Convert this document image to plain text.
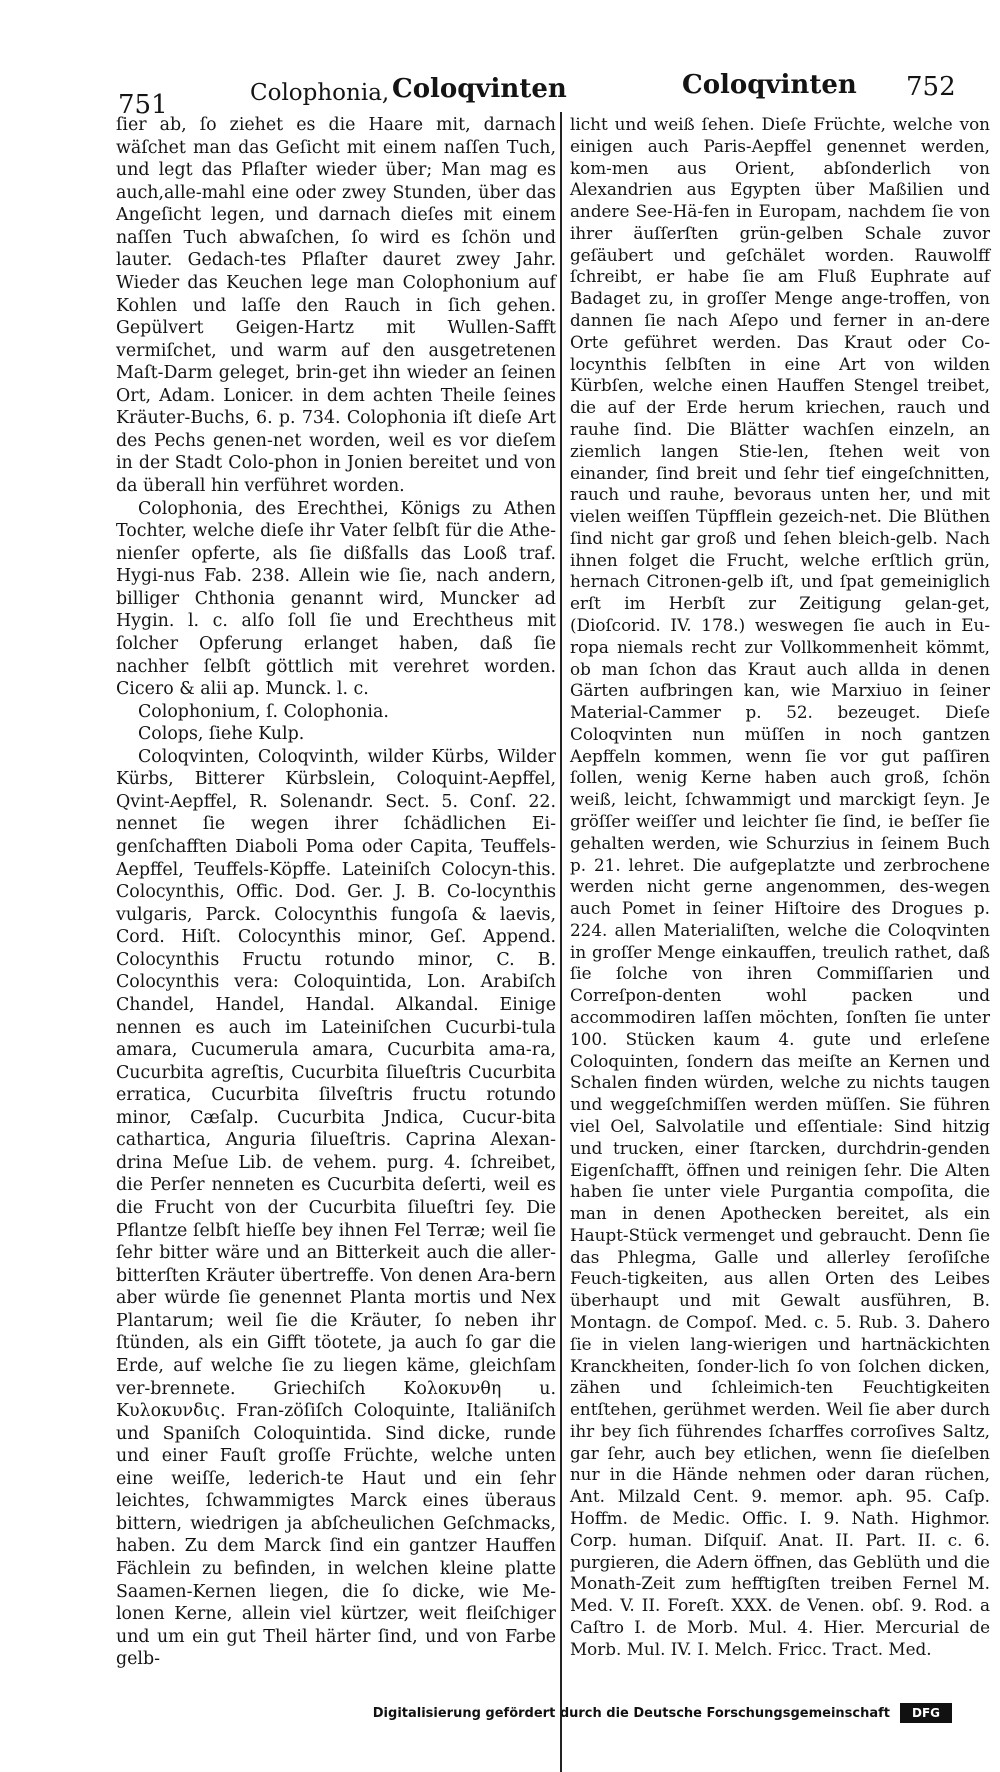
751	Colophonia, Coloqvinten	Coloqvinten 752

ſier ab, ſo ziehet es die Haare mit, darnach wäſchet man das Geſicht mit einem naſſen Tuch, und legt das Pflaſter wieder über; Man mag es auch,alle-mahl eine oder zwey Stunden, über das Angeſicht legen, und darnach dieſes mit einem naſſen Tuch abwaſchen, ſo wird es ſchön und lauter. Gedach-tes Pflaſter dauret zwey Jahr. Wieder das Keuchen lege man Colophonium auf Kohlen und laſſe den Rauch in ſich gehen. Gepülvert Geigen-Hartz mit Wullen-Safft vermiſchet, und warm auf den ausgetretenen Maſt-Darm geleget, brin-get ihn wieder an ſeinen Ort, Adam. Lonicer. in dem achten Theile ſeines Kräuter-Buchs, 6. p. 734. Colophonia iſt dieſe Art des Pechs genen-net worden, weil es vor dieſem in der Stadt Colo-phon in Jonien bereitet und von da überall hin verführet worden.

Colophonia, des Erechthei, Königs zu Athen Tochter, welche dieſe ihr Vater ſelbſt für die Athe-nienſer opferte, als ſie dißfalls das Looß traf. Hygi-nus Fab. 238. Allein wie ſie, nach andern, billiger Chthonia genannt wird, Muncker ad Hygin. l. c. alſo ſoll ſie und Erechtheus mit ſolcher Opferung erlanget haben, daß ſie nachher ſelbſt göttlich mit verehret worden. Cicero & alii ap. Munck. l. c.

Colophonium, ſ. Colophonia.

Colops, ſiehe Kulp.

Coloqvinten, Coloqvinth, wilder Kürbs, Wilder Kürbs, Bitterer Kürbslein, Coloquint-Aepffel, Qvint-Aepffel, R. Solenandr. Sect. 5. Conſ. 22. nennet ſie wegen ihrer ſchädlichen Ei-genſchafften Diaboli Poma oder Capita, Teuffels-Aepffel, Teuffels-Köpffe. Lateiniſch Colocyn-this. Colocynthis, Offic. Dod. Ger. J. B. Co-locynthis vulgaris, Parck. Colocynthis fungoſa & laevis, Cord. Hiſt. Colocynthis minor, Geſ. Append. Colocynthis Fructu rotundo minor, C. B. Colocynthis vera: Coloquintida, Lon. Arabiſch Chandel, Handel, Handal. Alkandal. Einige nennen es auch im Lateiniſchen Cucurbi-tula amara, Cucumerula amara, Cucurbita ama-ra, Cucurbita agreſtis, Cucurbita ſilueſtris Cucurbita erratica, Cucurbita ſilveſtris fructu rotundo minor, Cæſalp. Cucurbita Jndica, Cucur-bita cathartica, Anguria ſilueſtris. Caprina Alexan-drina Meſue Lib. de vehem. purg. 4. ſchreibet, die Perſer nenneten es Cucurbita deſerti, weil es die Frucht von der Cucurbita ſilueſtri ſey. Die Pflantze ſelbſt hieſſe bey ihnen Fel Terræ; weil ſie ſehr bitter wäre und an Bitterkeit auch die aller-bitterſten Kräuter übertreffe. Von denen Ara-bern aber würde ſie genennet Planta mortis und Nex Plantarum; weil ſie die Kräuter, ſo neben ihr ſtünden, als ein Gifft töotete, ja auch ſo gar die Erde, auf welche ſie zu liegen käme, gleichſam ver-brennete. Griechiſch Κολοκυνθη u. Κυλοκυνδις. Fran-zöſiſch Coloquinte, Italiäniſch und Spaniſch Coloquintida. Sind dicke, runde und einer Fauſt groſſe Früchte, welche unten eine weiſſe, lederich-te Haut und ein ſehr leichtes, ſchwammigtes Marck eines überaus bittern, wiedrigen ja abſcheulichen Geſchmacks, haben. Zu dem Marck ſind ein gantzer Hauffen Fächlein zu befinden, in welchen kleine platte Saamen-Kernen liegen, die ſo dicke, wie Me-lonen Kerne, allein viel kürtzer, weit fleiſchiger und um ein gut Theil härter ſind, und von Farbe gelb-

licht und weiß ſehen. Dieſe Früchte, welche von einigen auch Paris-Aepffel genennet werden, kom-men aus Orient, abſonderlich von Alexandrien aus Egypten über Maßilien und andere See-Hä-fen in Europam, nachdem ſie von ihrer äuſſerſten grün-gelben Schale zuvor geſäubert und geſchälet worden. Rauwolff ſchreibt, er habe ſie am Fluß Euphrate auf Badaget zu, in groſſer Menge ange-troffen, von dannen ſie nach Aſepo und ferner in an-dere Orte geführet werden. Das Kraut oder Co-locynthis ſelbſten in eine Art von wilden Kürbſen, welche einen Hauffen Stengel treibet, die auf der Erde herum kriechen, rauch und rauhe ſind. Die Blätter wachſen einzeln, an ziemlich langen Stie-len, ſtehen weit von einander, ſind breit und ſehr tief eingeſchnitten, rauch und rauhe, bevoraus unten her, und mit vielen weiſſen Tüpfflein gezeich-net. Die Blüthen ſind nicht gar groß und ſehen bleich-gelb. Nach ihnen folget die Frucht, welche erſtlich grün, hernach Citronen-gelb iſt, und ſpat gemeiniglich erſt im Herbſt zur Zeitigung gelan-get, (Dioſcorid. IV. 178.) weswegen ſie auch in Eu-ropa niemals recht zur Vollkommenheit kömmt, ob man ſchon das Kraut auch allda in denen Gärten aufbringen kan, wie Marxiuo in ſeiner Material-Cammer p. 52. bezeuget. Dieſe Coloqvinten nun müſſen in noch gantzen Aepffeln kommen, wenn ſie vor gut paſſiren ſollen, wenig Kerne haben auch groß, ſchön weiß, leicht, ſchwammigt und marckigt ſeyn. Je gröſſer weiſſer und leichter ſie ſind, ie beſſer ſie gehalten werden, wie Schurzius in ſeinem Buch p. 21. lehret. Die aufgeplatzte und zerbrochene werden nicht gerne angenommen, des-wegen auch Pomet in ſeiner Hiſtoire des Drogues p. 224. allen Materialiſten, welche die Coloqvinten in groſſer Menge einkauffen, treulich rathet, daß ſie ſolche von ihren Commiſſarien und Correſpon-denten wohl packen und accommodiren laſſen möchten, ſonſten ſie unter 100. Stücken kaum 4. gute und erleſene Coloquinten, ſondern das meiſte an Kernen und Schalen finden würden, welche zu nichts taugen und weggeſchmiſſen werden müſſen. Sie führen viel Oel, Salvolatile und eſſentiale: Sind hitzig und trucken, einer ſtarcken, durchdrin-genden Eigenſchafft, öffnen und reinigen ſehr. Die Alten haben ſie unter viele Purgantia compoſita, die man in denen Apothecken bereitet, als ein Haupt-Stück vermenget und gebraucht. Denn ſie das Phlegma, Galle und allerley ſeroſiſche Feuch-tigkeiten, aus allen Orten des Leibes überhaupt und mit Gewalt ausführen, B. Montagn. de Compoſ. Med. c. 5. Rub. 3. Dahero ſie in vielen lang-wierigen und hartnäckichten Kranckheiten, ſonder-lich ſo von ſolchen dicken, zähen und ſchleimich-ten Feuchtigkeiten entſtehen, gerühmet werden. Weil ſie aber durch ihr bey ſich führendes ſcharffes corroſives Saltz, gar ſehr, auch bey etlichen, wenn ſie dieſelben nur in die Hände nehmen oder daran rüchen, Ant. Milzald Cent. 9. memor. aph. 95. Caſp. Hoffm. de Medic. Offic. I. 9. Nath. Highmor. Corp. human. Diſquiſ. Anat. II. Part. II. c. 6. purgieren, die Adern öffnen, das Geblüth und die Monath-Zeit zum hefftigſten treiben Fernel M. Med. V. II. Foreſt. XXX. de Venen. obſ. 9. Rod. a Caſtro I. de Morb. Mul. 4. Hier. Mercurial de Morb. Mul. IV. I. Melch. Fricc. Tract. Med.

Digitalisierung gefördert durch die Deutsche Forschungsgemeinschaft	DFG
